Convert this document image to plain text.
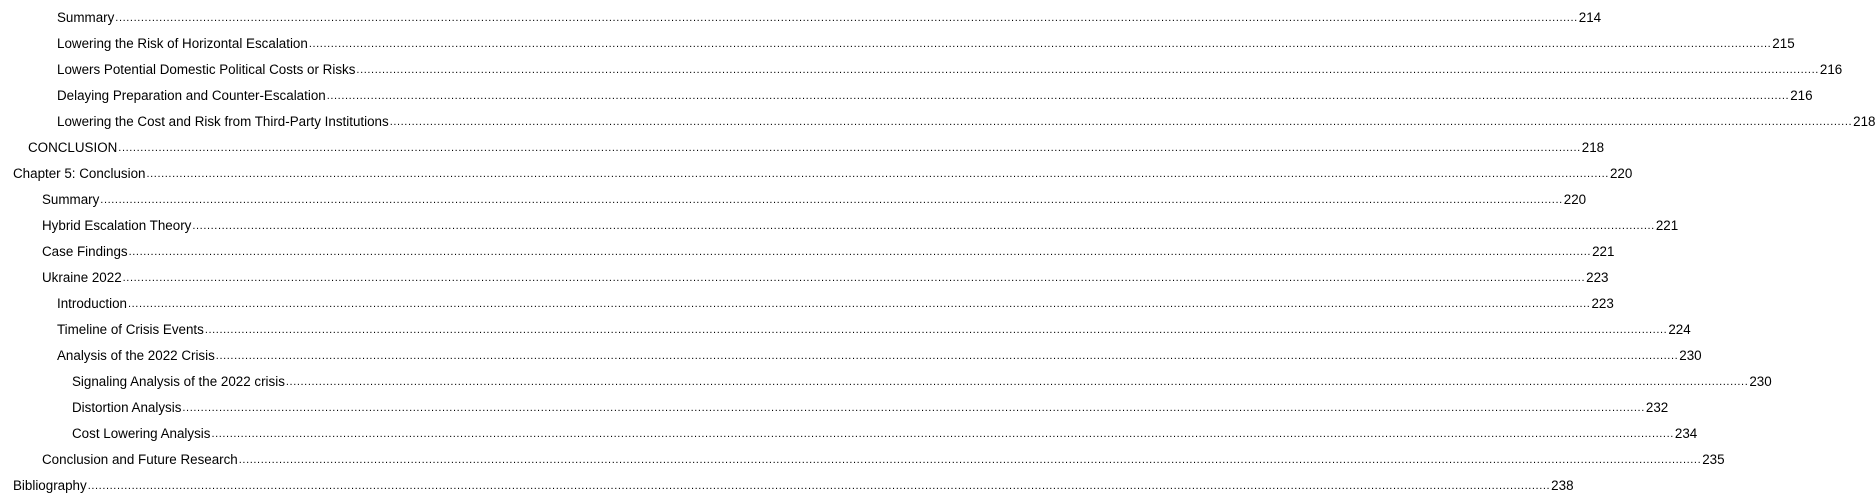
Summary ................................................................................................................................................................................................................................................................................................................................................................................................................ 214
Lowering the Risk of Horizontal Escalation ................................................................................................................................................................................................................................................................................................................................................................................................................ 215
Lowers Potential Domestic Political Costs or Risks ................................................................................................................................................................................................................................................................................................................................................................................................................ 216
Delaying Preparation and Counter-Escalation ................................................................................................................................................................................................................................................................................................................................................................................................................ 216
Lowering the Cost and Risk from Third-Party Institutions ................................................................................................................................................................................................................................................................................................................................................................................................................ 218
CONCLUSION ................................................................................................................................................................................................................................................................................................................................................................................................................ 218
Chapter 5: Conclusion ................................................................................................................................................................................................................................................................................................................................................................................................................ 220
Summary ................................................................................................................................................................................................................................................................................................................................................................................................................ 220
Hybrid Escalation Theory ................................................................................................................................................................................................................................................................................................................................................................................................................ 221
Case Findings ................................................................................................................................................................................................................................................................................................................................................................................................................ 221
Ukraine 2022 ................................................................................................................................................................................................................................................................................................................................................................................................................ 223
Introduction ................................................................................................................................................................................................................................................................................................................................................................................................................ 223
Timeline of Crisis Events ................................................................................................................................................................................................................................................................................................................................................................................................................ 224
Analysis of the 2022 Crisis ................................................................................................................................................................................................................................................................................................................................................................................................................ 230
Signaling Analysis of the 2022 crisis ................................................................................................................................................................................................................................................................................................................................................................................................................ 230
Distortion Analysis ................................................................................................................................................................................................................................................................................................................................................................................................................ 232
Cost Lowering Analysis ................................................................................................................................................................................................................................................................................................................................................................................................................ 234
Conclusion and Future Research ................................................................................................................................................................................................................................................................................................................................................................................................................ 235
Bibliography ................................................................................................................................................................................................................................................................................................................................................................................................................ 238
